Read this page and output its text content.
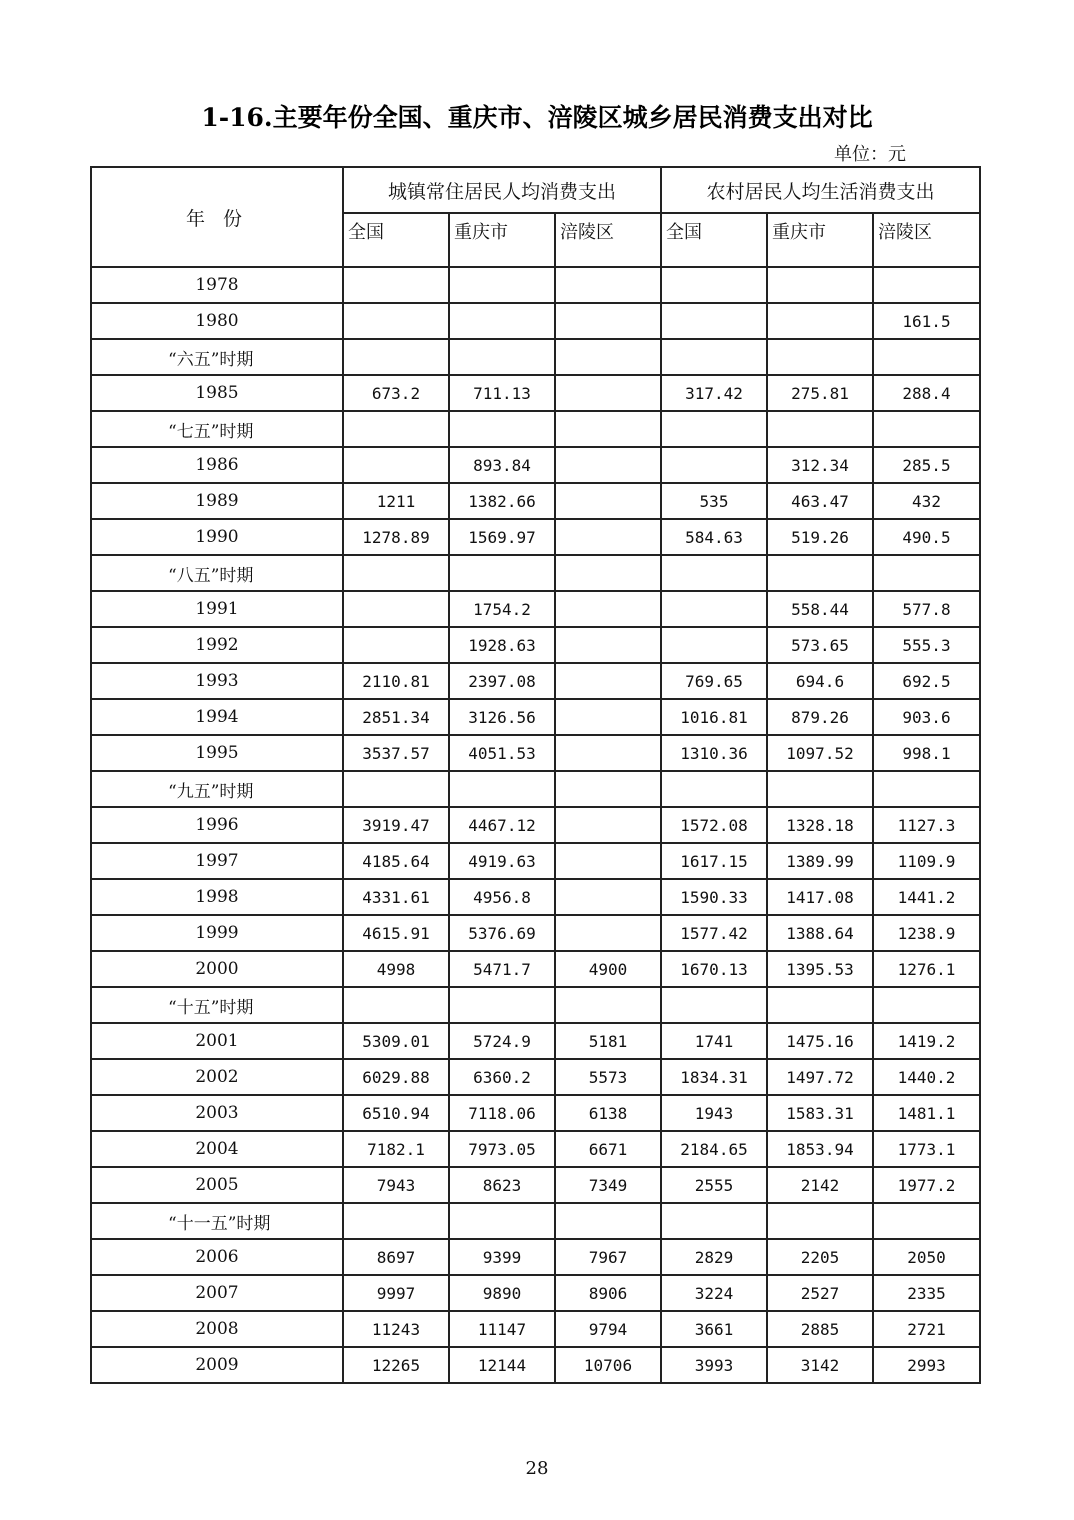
1-16.主要年份全国、重庆市、涪陵区城乡居民消费支出对比
单位：元
年 份	城镇常住居民人均消费支出			农村居民人均生活消费支出		
	全国	重庆市	涪陵区	全国	重庆市	涪陵区
1978						
1980						161.5
“六五”时期						
1985	673.2	711.13		317.42	275.81	288.4
“七五”时期						
1986		893.84			312.34	285.5
1989	1211	1382.66		535	463.47	432
1990	1278.89	1569.97		584.63	519.26	490.5
“八五”时期						
1991		1754.2			558.44	577.8
1992		1928.63			573.65	555.3
1993	2110.81	2397.08		769.65	694.6	692.5
1994	2851.34	3126.56		1016.81	879.26	903.6
1995	3537.57	4051.53		1310.36	1097.52	998.1
“九五”时期						
1996	3919.47	4467.12		1572.08	1328.18	1127.3
1997	4185.64	4919.63		1617.15	1389.99	1109.9
1998	4331.61	4956.8		1590.33	1417.08	1441.2
1999	4615.91	5376.69		1577.42	1388.64	1238.9
2000	4998	5471.7	4900	1670.13	1395.53	1276.1
“十五”时期						
2001	5309.01	5724.9	5181	1741	1475.16	1419.2
2002	6029.88	6360.2	5573	1834.31	1497.72	1440.2
2003	6510.94	7118.06	6138	1943	1583.31	1481.1
2004	7182.1	7973.05	6671	2184.65	1853.94	1773.1
2005	7943	8623	7349	2555	2142	1977.2
“十一五”时期						
2006	8697	9399	7967	2829	2205	2050
2007	9997	9890	8906	3224	2527	2335
2008	11243	11147	9794	3661	2885	2721
2009	12265	12144	10706	3993	3142	2993
28
